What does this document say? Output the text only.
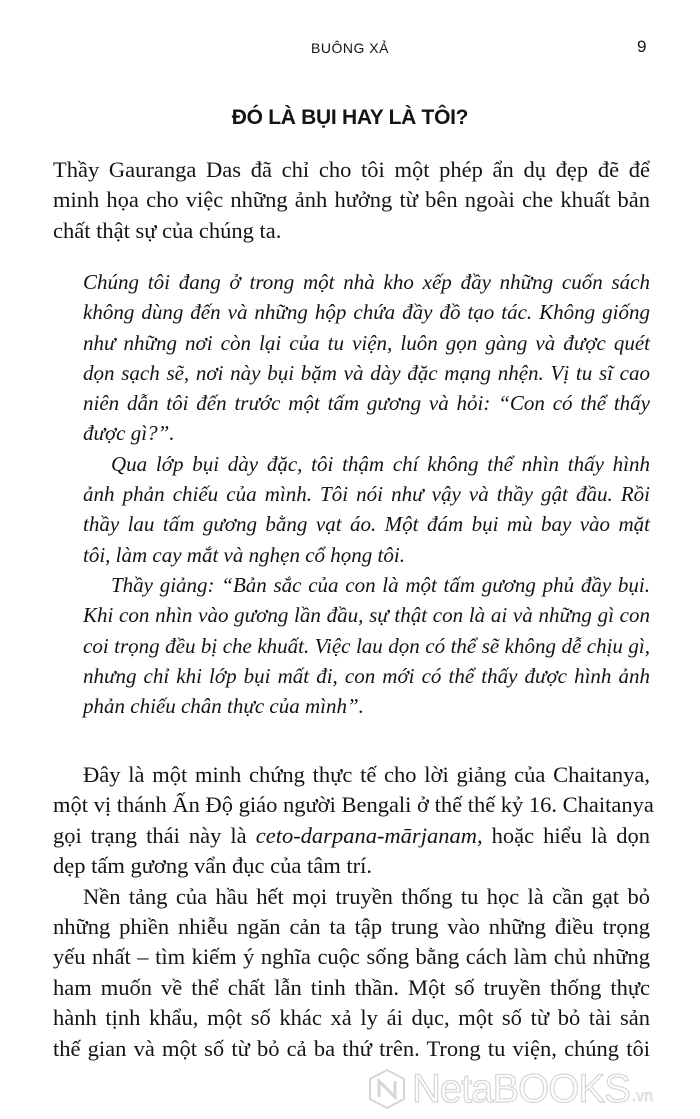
BUÔNG XẢ	9
ĐÓ LÀ BỤI HAY LÀ TÔI?
Thầy Gauranga Das đã chỉ cho tôi một phép ẩn dụ đẹp đẽ để
minh họa cho việc những ảnh hưởng từ bên ngoài che khuất bản
chất thật sự của chúng ta.
Chúng tôi đang ở trong một nhà kho xếp đầy những cuốn sách
không dùng đến và những hộp chứa đầy đồ tạo tác. Không giống
như những nơi còn lại của tu viện, luôn gọn gàng và được quét
dọn sạch sẽ, nơi này bụi bặm và dày đặc mạng nhện. Vị tu sĩ cao
niên dẫn tôi đến trước một tấm gương và hỏi: “Con có thể thấy
được gì?”.
Qua lớp bụi dày đặc, tôi thậm chí không thể nhìn thấy hình
ảnh phản chiếu của mình. Tôi nói như vậy và thầy gật đầu. Rồi
thầy lau tấm gương bằng vạt áo. Một đám bụi mù bay vào mặt
tôi, làm cay mắt và nghẹn cổ họng tôi.
Thầy giảng: “Bản sắc của con là một tấm gương phủ đầy bụi.
Khi con nhìn vào gương lần đầu, sự thật con là ai và những gì con
coi trọng đều bị che khuất. Việc lau dọn có thể sẽ không dễ chịu gì,
nhưng chỉ khi lớp bụi mất đi, con mới có thể thấy được hình ảnh
phản chiếu chân thực của mình”.
Đây là một minh chứng thực tế cho lời giảng của Chaitanya,
một vị thánh Ấn Độ giáo người Bengali ở thế thế kỷ 16. Chaitanya
gọi trạng thái này là ceto-darpana-mārjanam, hoặc hiểu là dọn
dẹp tấm gương vẩn đục của tâm trí.
Nền tảng của hầu hết mọi truyền thống tu học là cần gạt bỏ
những phiền nhiễu ngăn cản ta tập trung vào những điều trọng
yếu nhất – tìm kiếm ý nghĩa cuộc sống bằng cách làm chủ những
ham muốn về thể chất lẫn tinh thần. Một số truyền thống thực
hành tịnh khẩu, một số khác xả ly ái dục, một số từ bỏ tài sản
thế gian và một số từ bỏ cả ba thứ trên. Trong tu viện, chúng tôi
NetaBOOKS .vn
